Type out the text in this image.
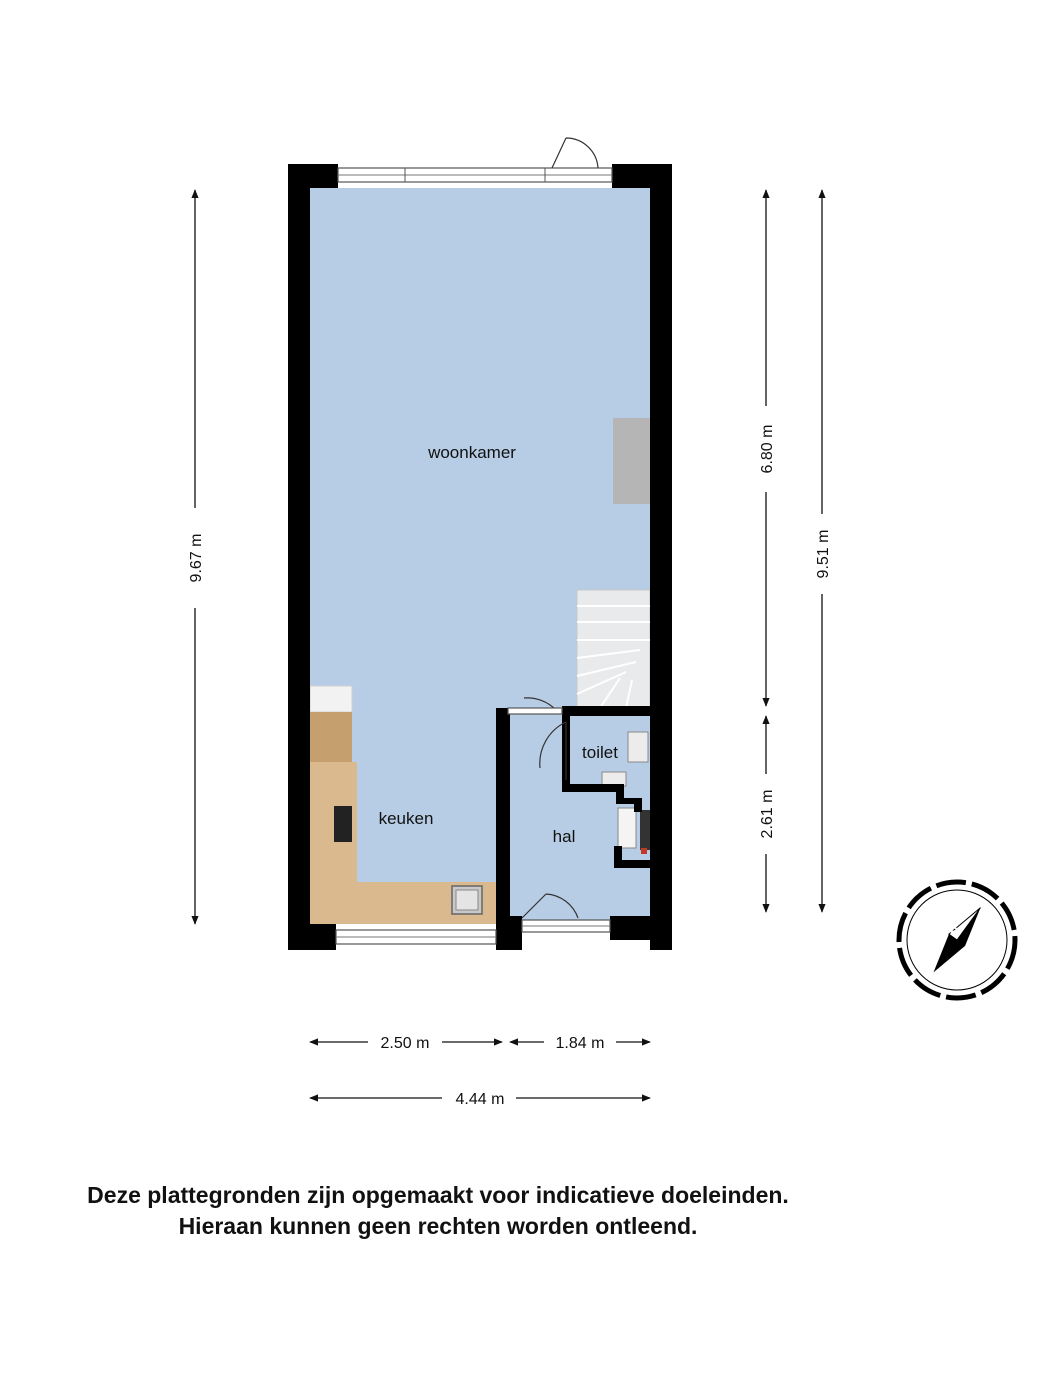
woonkamer
keuken
toilet
hal
9.67 m
6.80 m
2.61 m
9.51 m
2.50 m	1.84 m
4.44 m
N
Deze plattegronden zijn opgemaakt voor indicatieve doeleinden.
Hieraan kunnen geen rechten worden ontleend.
